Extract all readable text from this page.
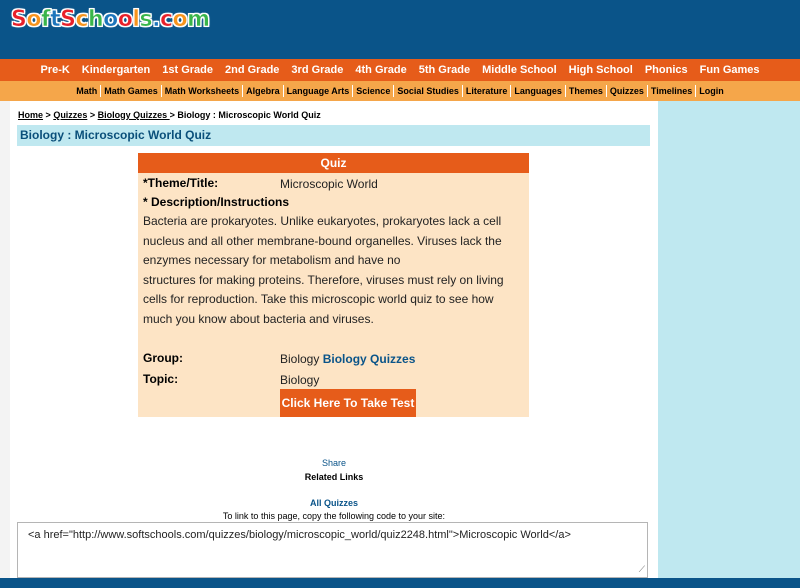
S o f t S c h o o l s . c o m
Pre-K Kindergarten 1st Grade 2nd Grade 3rd Grade 4th Grade 5th Grade Middle School High School Phonics Fun Games
Math Math Games Math Worksheets Algebra Language Arts Science Social Studies Literature Languages Themes Quizzes Timelines Login
Home > Quizzes > Biology Quizzes > Biology : Microscopic World Quiz
Biology : Microscopic World Quiz
Quiz
*Theme/Title:	Microscopic World
* Description/Instructions

Bacteria are prokaryotes. Unlike eukaryotes, prokaryotes lack a cell nucleus and all other membrane-bound organelles. Viruses lack the enzymes necessary for metabolism and have no

structures for making proteins. Therefore, viruses must rely on living cells for reproduction. Take this microscopic world quiz to see how much you know about bacteria and viruses.

Group:	Biology Biology Quizzes
Topic:	Biology
Click Here To Take Test
Share
Related Links
All Quizzes
To link to this page, copy the following code to your site:
<a href="http://www.softschools.com/quizzes/biology/microscopic_world/quiz2248.html">Microscopic World</a>
⟋
